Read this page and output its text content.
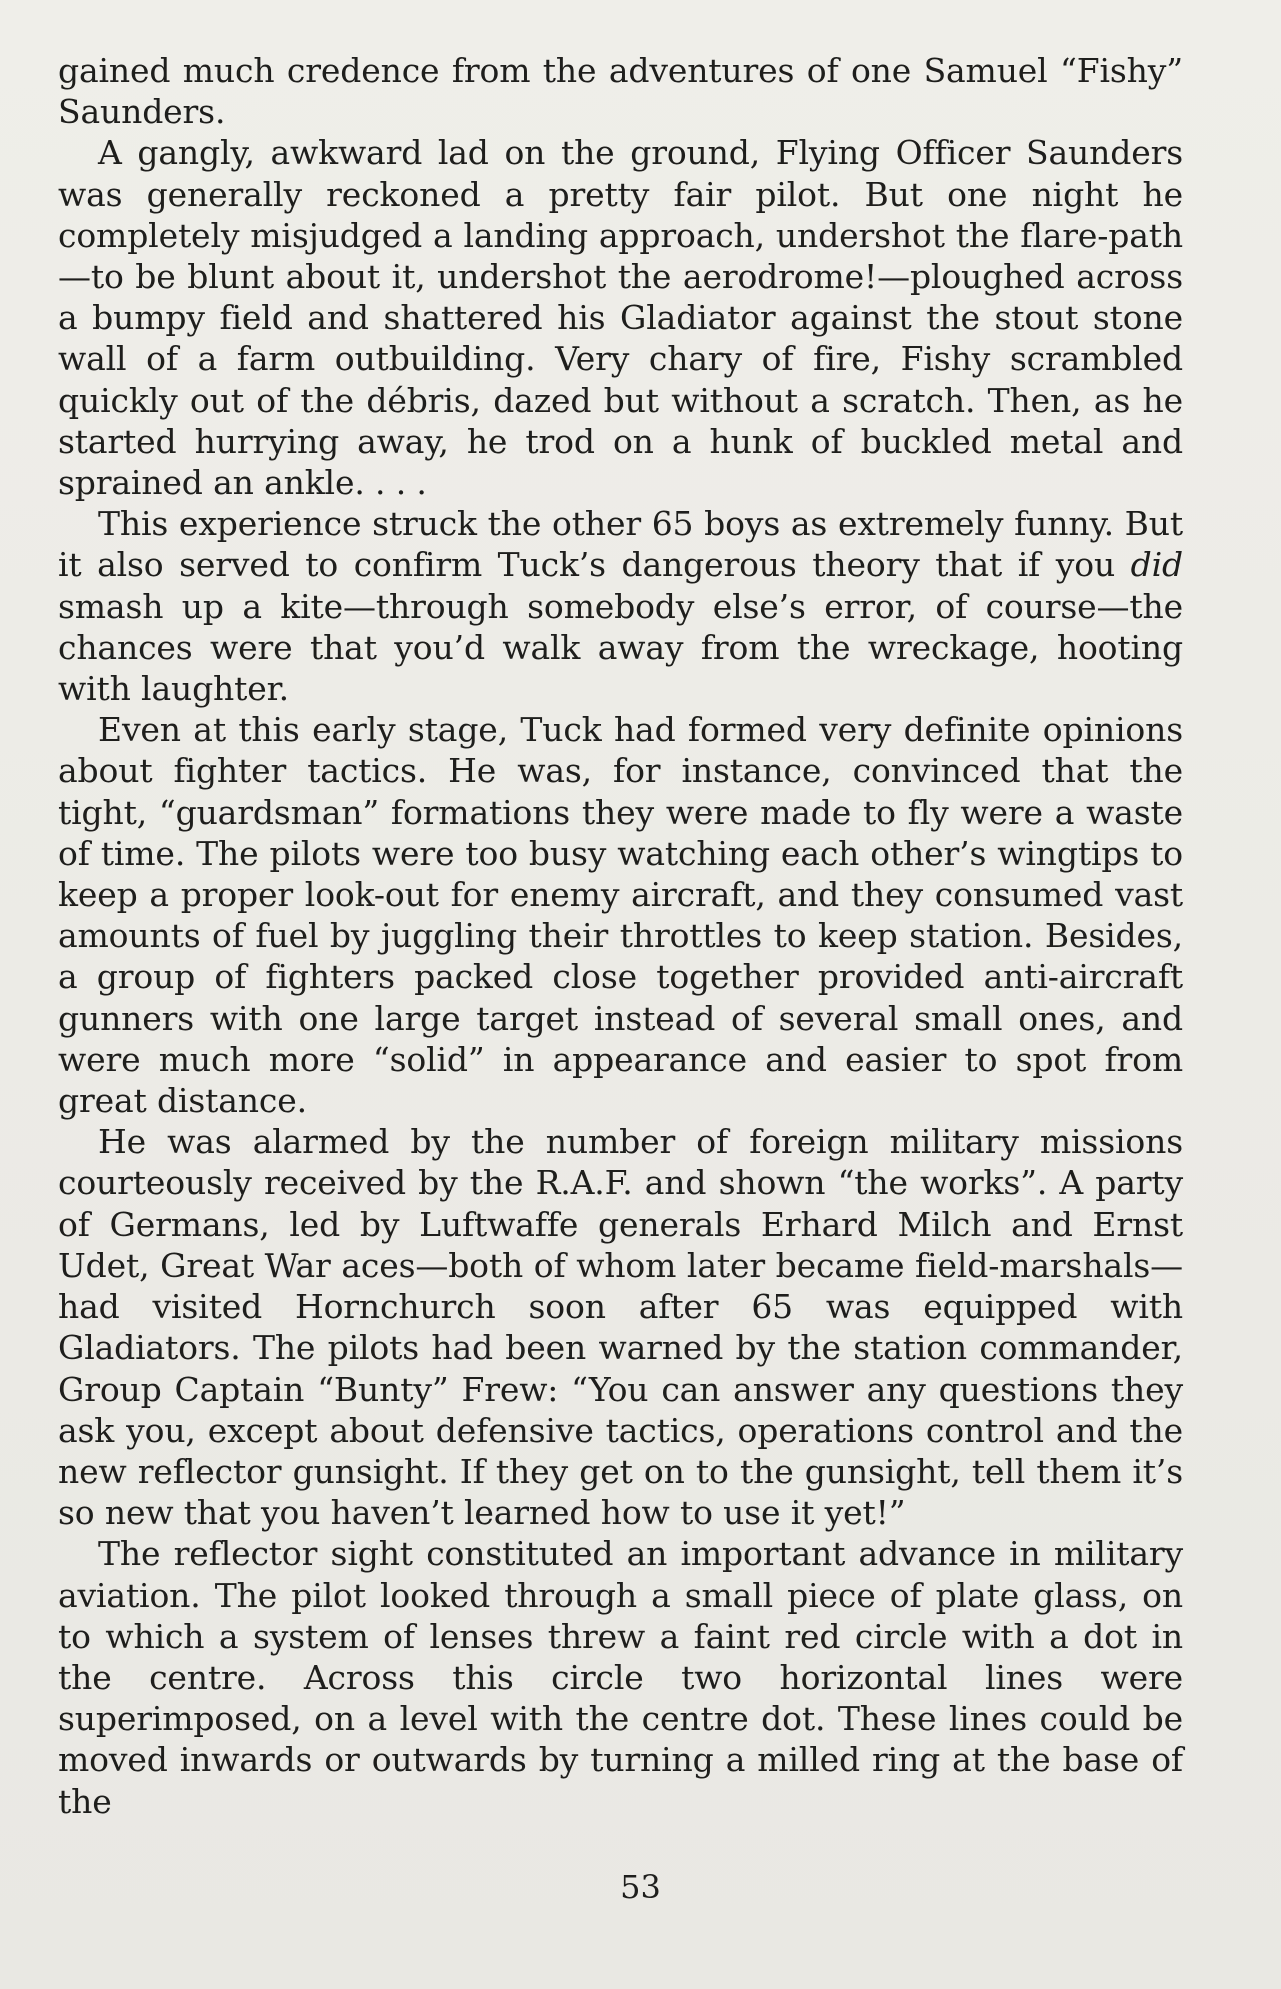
gained much credence from the adventures of one Samuel “Fishy” Saunders.

A gangly, awkward lad on the ground, Flying Officer Saunders was generally reckoned a pretty fair pilot. But one night he completely misjudged a landing approach, undershot the flare-path—to be blunt about it, undershot the aerodrome!—ploughed across a bumpy field and shattered his Gladiator against the stout stone wall of a farm outbuilding. Very chary of fire, Fishy scrambled quickly out of the débris, dazed but without a scratch. Then, as he started hurrying away, he trod on a hunk of buckled metal and sprained an ankle. . . .

This experience struck the other 65 boys as extremely funny. But it also served to confirm Tuck’s dangerous theory that if you did smash up a kite—through somebody else’s error, of course—the chances were that you’d walk away from the wreckage, hooting with laughter.

Even at this early stage, Tuck had formed very definite opinions about fighter tactics. He was, for instance, convinced that the tight, “guardsman” formations they were made to fly were a waste of time. The pilots were too busy watching each other’s wingtips to keep a proper look-out for enemy aircraft, and they consumed vast amounts of fuel by juggling their throttles to keep station. Besides, a group of fighters packed close together provided anti-aircraft gunners with one large target instead of several small ones, and were much more “solid” in appearance and easier to spot from great distance.

He was alarmed by the number of foreign military missions courteously received by the R.A.F. and shown “the works”. A party of Germans, led by Luftwaffe generals Erhard Milch and Ernst Udet, Great War aces—both of whom later became field-marshals—had visited Hornchurch soon after 65 was equipped with Gladiators. The pilots had been warned by the station commander, Group Captain “Bunty” Frew: “You can answer any questions they ask you, except about defensive tactics, operations control and the new reflector gunsight. If they get on to the gunsight, tell them it’s so new that you haven’t learned how to use it yet!”

The reflector sight constituted an important advance in military aviation. The pilot looked through a small piece of plate glass, on to which a system of lenses threw a faint red circle with a dot in the centre. Across this circle two horizontal lines were superimposed, on a level with the centre dot. These lines could be moved inwards or outwards by turning a milled ring at the base of the

53
